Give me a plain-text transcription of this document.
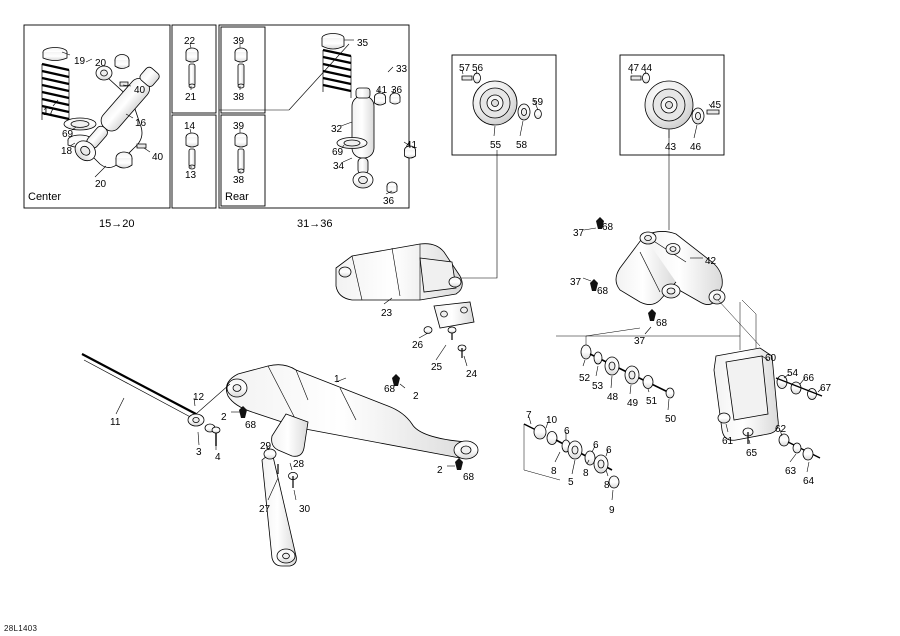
Center	Rear
15→20	31→36
19 20
40
17
16
69
18
40
20
22
21
14
13
39
38
39
38
35
33
41 36
32
41
69
34
36
57 56
59
55 58
47 44
45
43 46
37
68
42
37
68
68
37
23
26
25
24	52
53
48
49 51
50
60
54 66
67
61
65
62
63
64
11
12
3 4
2
68
1
68
2
2
68
29
28
30
27
7 10
6
8
5
6
8
6
8
9
28L1403
